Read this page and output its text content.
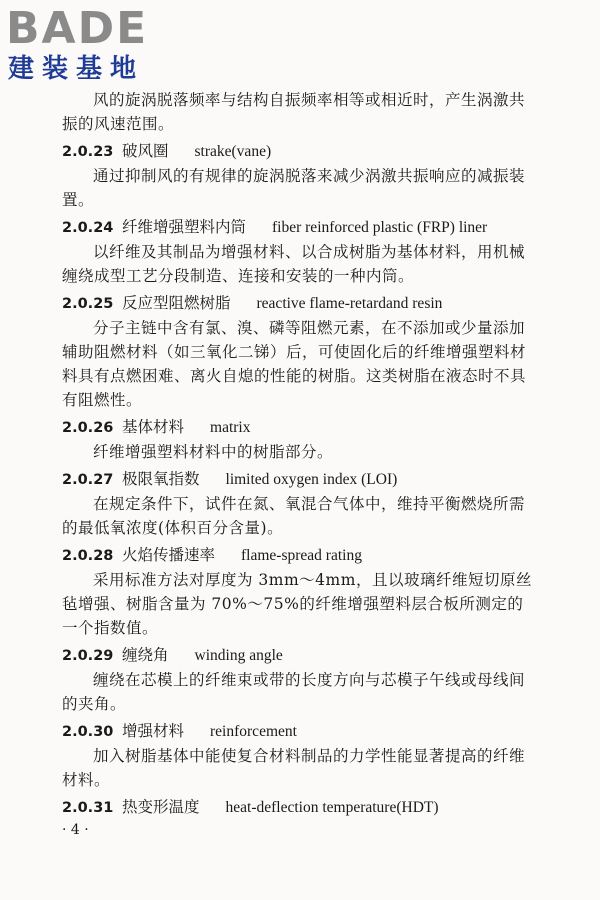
BADE
建装基地

风的旋涡脱落频率与结构自振频率相等或相近时，产生涡激共振的风速范围。

2.0.23 破风圈 strake(vane)

通过抑制风的有规律的旋涡脱落来减少涡激共振响应的减振装置。

2.0.24 纤维增强塑料内筒 fiber reinforced plastic (FRP) liner

以纤维及其制品为增强材料、以合成树脂为基体材料，用机械缠绕成型工艺分段制造、连接和安装的一种内筒。

2.0.25 反应型阻燃树脂 reactive flame-retardand resin

分子主链中含有氯、溴、磷等阻燃元素，在不添加或少量添加辅助阻燃材料（如三氧化二锑）后，可使固化后的纤维增强塑料材料具有点燃困难、离火自熄的性能的树脂。这类树脂在液态时不具有阻燃性。

2.0.26 基体材料 matrix

纤维增强塑料材料中的树脂部分。

2.0.27 极限氧指数 limited oxygen index (LOI)

在规定条件下，试件在氮、氧混合气体中，维持平衡燃烧所需的最低氧浓度(体积百分含量)。

2.0.28 火焰传播速率 flame-spread rating

采用标准方法对厚度为 3mm～4mm，且以玻璃纤维短切原丝毡增强、树脂含量为 70%～75%的纤维增强塑料层合板所测定的一个指数值。

2.0.29 缠绕角 winding angle

缠绕在芯模上的纤维束或带的长度方向与芯模子午线或母线间的夹角。

2.0.30 增强材料 reinforcement

加入树脂基体中能使复合材料制品的力学性能显著提高的纤维材料。

2.0.31 热变形温度 heat-deflection temperature(HDT)
· 4 ·
